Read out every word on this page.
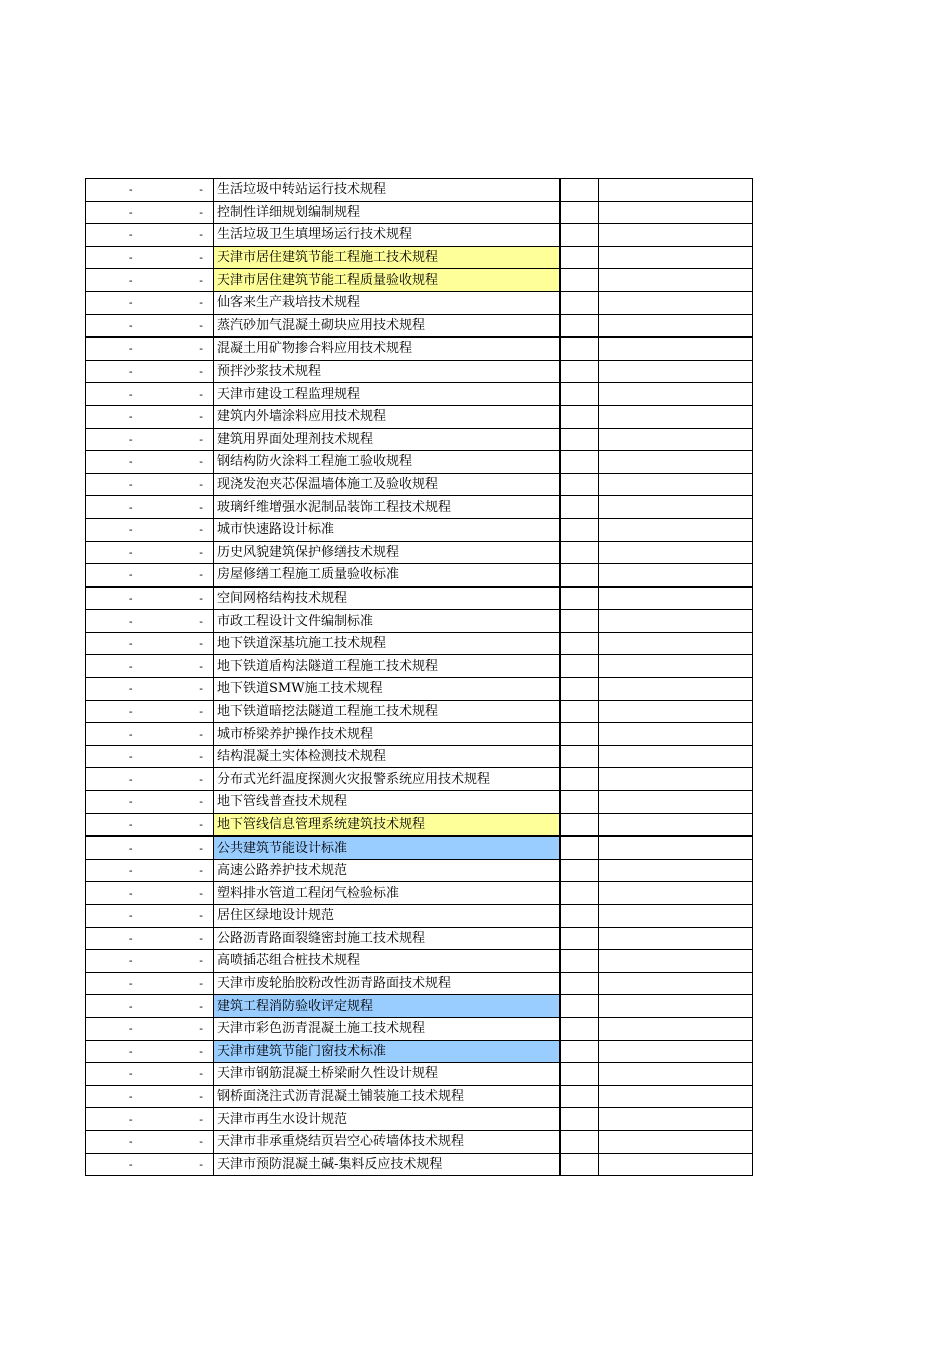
-	-	生活垃圾中转站运行技术规程		
-	-	控制性详细规划编制规程		
-	-	生活垃圾卫生填埋场运行技术规程		
-	-	天津市居住建筑节能工程施工技术规程		
-	-	天津市居住建筑节能工程质量验收规程		
-	-	仙客来生产栽培技术规程		
-	-	蒸汽砂加气混凝土砌块应用技术规程		
-	-	混凝土用矿物掺合料应用技术规程		
-	-	预拌沙浆技术规程		
-	-	天津市建设工程监理规程		
-	-	建筑内外墙涂料应用技术规程		
-	-	建筑用界面处理剂技术规程		
-	-	钢结构防火涂料工程施工验收规程		
-	-	现浇发泡夹芯保温墙体施工及验收规程		
-	-	玻璃纤维增强水泥制品装饰工程技术规程		
-	-	城市快速路设计标准		
-	-	历史风貌建筑保护修缮技术规程		
-	-	房屋修缮工程施工质量验收标准		
-	-	空间网格结构技术规程		
-	-	市政工程设计文件编制标准		
-	-	地下铁道深基坑施工技术规程		
-	-	地下铁道盾构法隧道工程施工技术规程		
-	-	地下铁道SMW施工技术规程		
-	-	地下铁道暗挖法隧道工程施工技术规程		
-	-	城市桥梁养护操作技术规程		
-	-	结构混凝土实体检测技术规程		
-	-	分布式光纤温度探测火灾报警系统应用技术规程		
-	-	地下管线普查技术规程		
-	-	地下管线信息管理系统建筑技术规程		
-	-	公共建筑节能设计标准		
-	-	高速公路养护技术规范		
-	-	塑料排水管道工程闭气检验标准		
-	-	居住区绿地设计规范		
-	-	公路沥青路面裂缝密封施工技术规程		
-	-	高喷插芯组合桩技术规程		
-	-	天津市废轮胎胶粉改性沥青路面技术规程		
-	-	建筑工程消防验收评定规程		
-	-	天津市彩色沥青混凝土施工技术规程		
-	-	天津市建筑节能门窗技术标准		
-	-	天津市钢筋混凝土桥梁耐久性设计规程		
-	-	钢桥面浇注式沥青混凝土铺装施工技术规程		
-	-	天津市再生水设计规范		
-	-	天津市非承重烧结页岩空心砖墙体技术规程		
-	-	天津市预防混凝土碱-集料反应技术规程		
